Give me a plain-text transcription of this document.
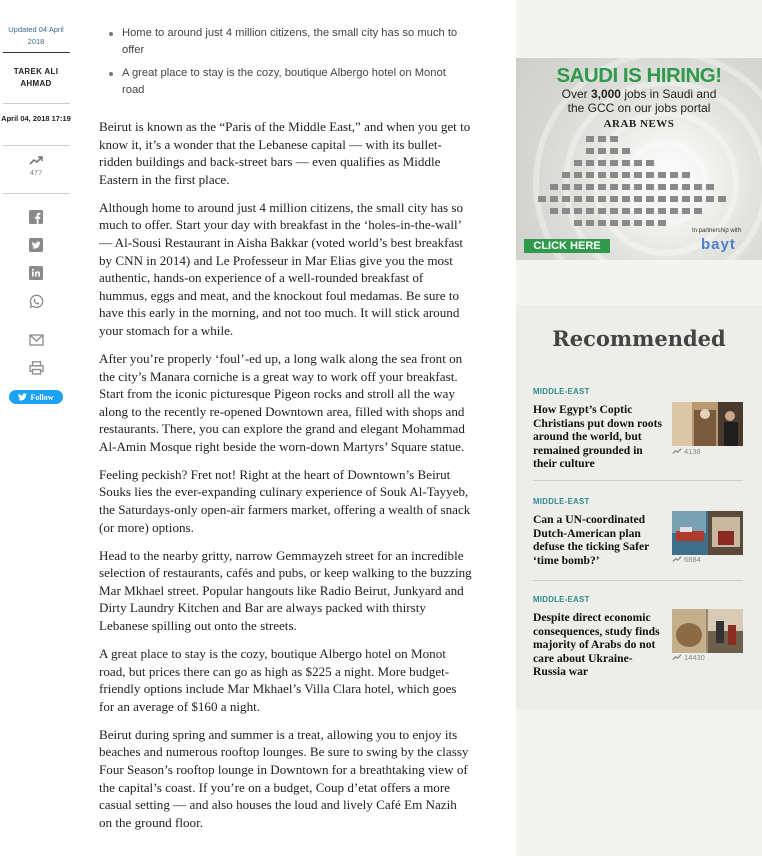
Updated 04 April 2018
TAREK ALI AHMAD
April 04, 2018 17:19
477
Follow
Home to around just 4 million citizens, the small city has so much to offer
A great place to stay is the cozy, boutique Albergo hotel on Monot road

Beirut is known as the “Paris of the Middle East,” and when you get to know it, it’s a wonder that the Lebanese capital — with its bullet-ridden buildings and back-street bars — even qualifies as Middle Eastern in the first place.

Although home to around just 4 million citizens, the small city has so much to offer. Start your day with breakfast in the ‘holes-in-the-wall’ — Al-Sousi Restaurant in Aisha Bakkar (voted world’s best breakfast by CNN in 2014) and Le Professeur in Mar Elias give you the most authentic, hands-on experience of a well-rounded breakfast of hummus, eggs and meat, and the knockout foul medamas. Be sure to have this early in the morning, and not too much. It will stick around your stomach for a while.

After you’re properly ‘foul’-ed up, a long walk along the sea front on the city’s Manara corniche is a great way to work off your breakfast. Start from the iconic picturesque Pigeon rocks and stroll all the way along to the recently re-opened Downtown area, filled with shops and restaurants. There, you can explore the grand and elegant Mohammad Al-Amin Mosque right beside the worn-down Martyrs’ Square statue.

Feeling peckish? Fret not! Right at the heart of Downtown’s Beirut Souks lies the ever-expanding culinary experience of Souk Al-Tayyeb, the Saturdays-only open-air farmers market, offering a wealth of snack (or more) options.

Head to the nearby gritty, narrow Gemmayzeh street for an incredible selection of restaurants, cafés and pubs, or keep walking to the buzzing Mar Mkhael street. Popular hangouts like Radio Beirut, Junkyard and Dirty Laundry Kitchen and Bar are always packed with thirsty Lebanese spilling out onto the streets.

A great place to stay is the cozy, boutique Albergo hotel on Monot road, but prices there can go as high as $225 a night. More budget-friendly options include Mar Mkhael’s Villa Clara hotel, which goes for an average of $160 a night.

Beirut during spring and summer is a treat, allowing you to enjoy its beaches and numerous rooftop lounges. Be sure to swing by the classy Four Season’s rooftop lounge in Downtown for a breathtaking view of the capital’s coast. If you’re on a budget, Coup d’etat offers a more casual setting — and also houses the loud and lively Café Em Nazih on the ground floor.

SAUDI IS HIRING!
Over 3,000 jobs in Saudi and
the GCC on our jobs portal
ARAB NEWS
CLICK HERE
In partnership with
bayt
Recommended
MIDDLE-EAST
How Egypt’s Coptic Christians put down roots around the world, but remained grounded in their culture
4138
MIDDLE-EAST
Can a UN-coordinated Dutch-American plan defuse the ticking Safer ‘time bomb?’	6884
MIDDLE-EAST
Despite direct economic consequences, study finds majority of Arabs do not care about Ukraine-Russia war
14430
